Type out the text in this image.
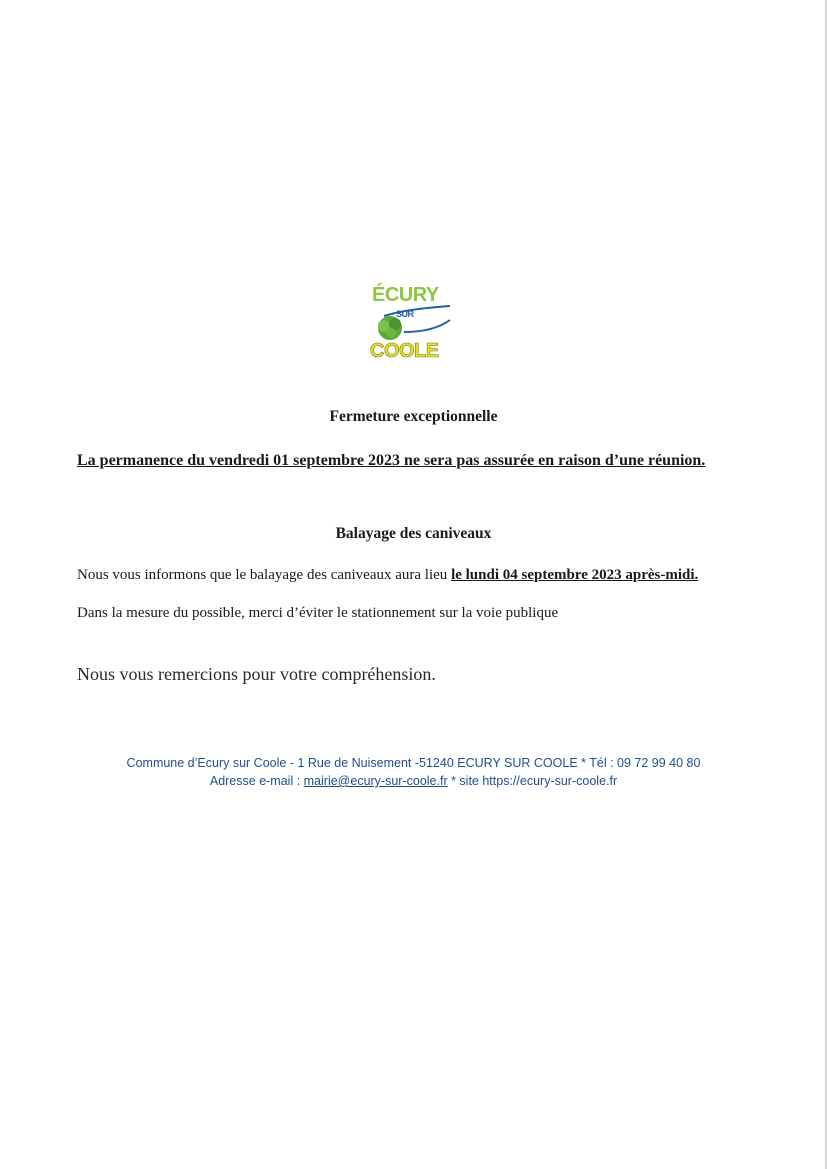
ÉCURY
SUR
COOLE
Fermeture exceptionnelle

La permanence du vendredi 01 septembre 2023 ne sera pas assurée en raison d’une réunion.

Balayage des caniveaux

Nous vous informons que le balayage des caniveaux aura lieu le lundi 04 septembre 2023 après-midi.

Dans la mesure du possible, merci d’éviter le stationnement sur la voie publique

Nous vous remercions pour votre compréhension.

Commune d’Ecury sur Coole - 1 Rue de Nuisement -51240 ECURY SUR COOLE * Tél : 09 72 99 40 80
Adresse e-mail : mairie@ecury-sur-coole.fr * site https://ecury-sur-coole.fr
